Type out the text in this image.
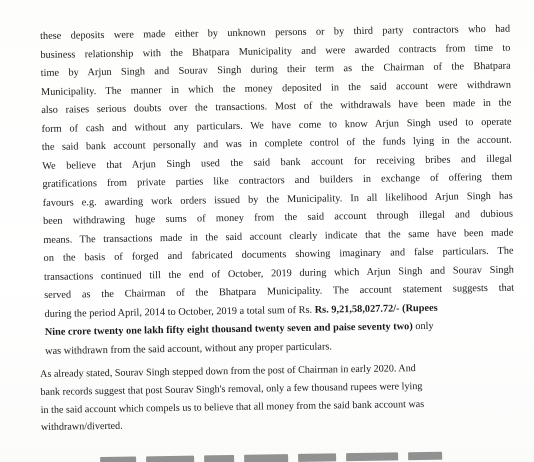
these deposits were made either by unknown persons or by third party contractors who had
business relationship with the Bhatpara Municipality and were awarded contracts from time to
time by Arjun Singh and Sourav Singh during their term as the Chairman of the Bhatpara
Municipality. The manner in which the money deposited in the said account were withdrawn
also raises serious doubts over the transactions. Most of the withdrawals have been made in the
form of cash and without any particulars. We have come to know Arjun Singh used to operate
the said bank account personally and was in complete control of the funds lying in the account.
We believe that Arjun Singh used the said bank account for receiving bribes and illegal
gratifications from private parties like contractors and builders in exchange of offering them
favours e.g. awarding work orders issued by the Municipality. In all likelihood Arjun Singh has
been withdrawing huge sums of money from the said account through illegal and dubious
means. The transactions made in the said account clearly indicate that the same have been made
on the basis of forged and fabricated documents showing imaginary and false particulars. The
transactions continued till the end of October, 2019 during which Arjun Singh and Sourav Singh
served as the Chairman of the Bhatpara Municipality. The account statement suggests that
during the period April, 2014 to October, 2019 a total sum of Rs. Rs. 9,21,58,027.72/- (Rupees
Nine crore twenty one lakh fifty eight thousand twenty seven and paise seventy two) only
was withdrawn from the said account, without any proper particulars.

As already stated, Sourav Singh stepped down from the post of Chairman in early 2020. And
bank records suggest that post Sourav Singh's removal, only a few thousand rupees were lying
in the said account which compels us to believe that all money from the said bank account was
withdrawn/diverted.
